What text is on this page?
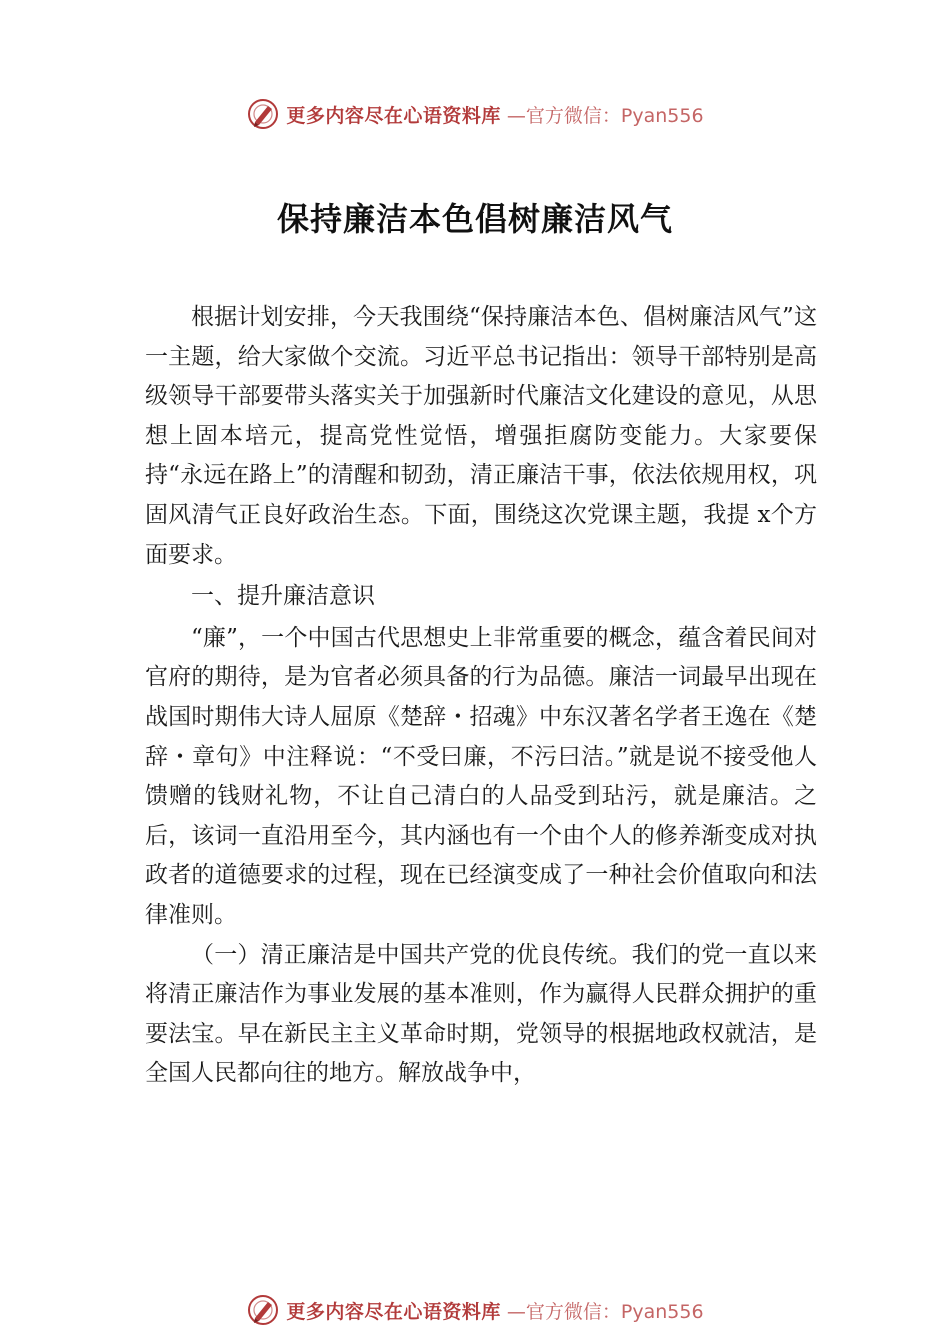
更多内容尽在心语资料库 —官方微信：Pyan556
保持廉洁本色倡树廉洁风气

根据计划安排，今天我围绕“保持廉洁本色、倡树廉洁风气”这一主题，给大家做个交流。习近平总书记指出：领导干部特别是高级领导干部要带头落实关于加强新时代廉洁文化建设的意见，从思想上固本培元，提高党性觉悟，增强拒腐防变能力。大家要保持“永远在路上”的清醒和韧劲，清正廉洁干事，依法依规用权，巩固风清气正良好政治生态。下面，围绕这次党课主题，我提 x个方面要求。

一、提升廉洁意识

“廉”，一个中国古代思想史上非常重要的概念，蕴含着民间对官府的期待，是为官者必须具备的行为品德。廉洁一词最早出现在战国时期伟大诗人屈原《楚辞・招魂》中东汉著名学者王逸在《楚辞・章句》中注释说：“不受曰廉，不污曰洁。”就是说不接受他人馈赠的钱财礼物，不让自己清白的人品受到玷污，就是廉洁。之后，该词一直沿用至今，其内涵也有一个由个人的修养渐变成对执政者的道德要求的过程，现在已经演变成了一种社会价值取向和法律准则。

（一）清正廉洁是中国共产党的优良传统。我们的党一直以来将清正廉洁作为事业发展的基本准则，作为赢得人民群众拥护的重要法宝。早在新民主主义革命时期，党领导的根据地政权就洁，是全国人民都向往的地方。解放战争中，

更多内容尽在心语资料库 —官方微信：Pyan556
